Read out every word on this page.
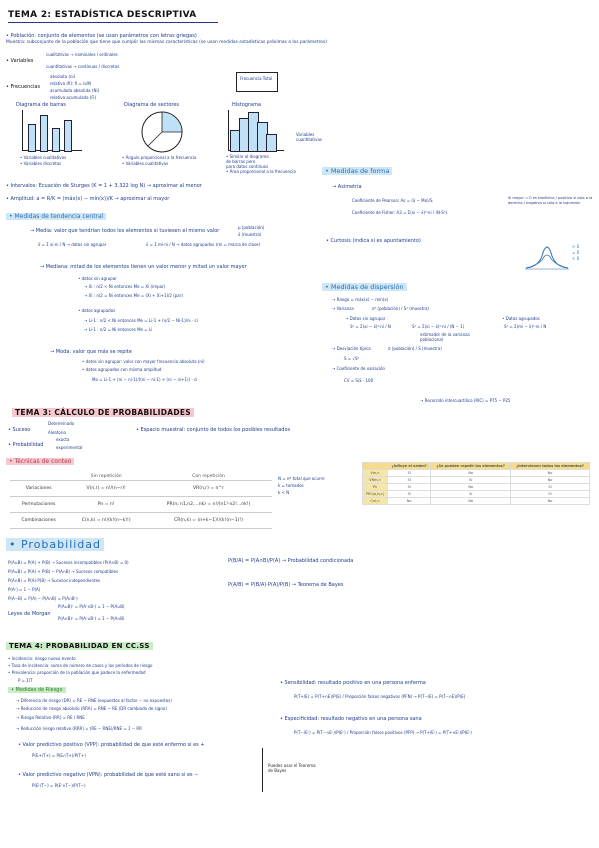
TEMA 2: ESTADÍSTICA DESCRIPTIVA
• Población: conjunto de elementos (se usan parámetros con letras griegas)
Muestra: subconjunto de la población que tiene que cumplir las mismas características (se usan medidas estadísticas próximas a los parámetros)
• Variables
cualitativas → nominales / ordinales
cuantitativas → continuas / discretas
• Frecuencias
absoluta (ni)
relativa (fi): fi = ni/N
acumulada absoluta (Ni)
relativa acumulada (Fi)
Frecuencia Total
Diagrama de barras	Diagrama de sectores	Histograma
• Variables cualitativas
• Variables discretas
• Ángulo proporcional a la frecuencia
• Variables cualitativas
• Similar al diagrama
de barras pero
para datos continuos
• Área proporcional a la frecuencia
Variables cuantitativas
• Intervalos: Ecuación de Sturges (K = 1 + 3.322 log N) → aproximar al menor
• Amplitud: a = R/K = (máx(x) − mín(x))/K → aproximar al mayor
• Medidas de tendencia central
→ Media: valor que tendrían todos los elementos si tuviesen el mismo valor
μ (población)
x̄ (muestra)
x̄ = Σ xi·ni / N → datos sin agrupar	x̄ = Σ mi·ni / N → datos agrupados (mi = marca de clase)
→ Mediana: mitad de los elementos tienen un valor menor y mitad un valor mayor
• datos sin agrupar
→ Xi : n/2 < Ni entonces Me = Xi (impar)
→ Xi : n/2 = Ni entonces Me = (Xi + Xi+1)/2 (par)
• datos agrupados
→ Li-1 : n/2 < Ni entonces Me = Li-1 + (n/2 − Ni-1)/ni · ci
→ Li-1 : n/2 = Ni entonces Me = Li
→ Moda: valor que más se repite
• datos sin agrupar: valor con mayor frecuencia absoluta (ni)
• datos agrupados con misma amplitud
Mo = Li-1 + (ni − ni-1)/((ni − ni-1) + (ni − ni+1)) · ci
• Medidas de forma
→ Asimetría
Coeficiente de Pearson: As = (x̄ − Mo)/S
Coeficiente de Fisher: A3 = Σ(xi − x̄)³·ni / (N·S³)
Si mayor = 0 es simétrica / positiva si cola a la derecha / negativa si cola a la izquierda
• Curtosis (indica si es apuntamiento)
> 0
= 0
< 0
• Medidas de dispersión
→ Rango = máx(x) − mín(x)
→ Varianza	σ² (población) / S² (muestra)
• Datos sin agrupar
S² = Σ(xi − x̄)²·ni / N	S² = Σ(xi − x̄)²·ni / (N − 1)
estimador de la varianza poblacional
• Datos agrupados
S² = Σ(mi − x̄)²·ni / N
→ Desviación típica	σ (población) / S (muestra)
S = √S²
→ Coeficiente de variación
CV = S/x̄ · 100
→ Recorrido intercuartílico (RIC) = P75 − P25
TEMA 3: CÁLCULO DE PROBABILIDADES
• Suceso
Determinado
Aleatorio
• Probabilidad
exacta
experimental
• Espacio muestral: conjunto de todos los posibles resultados
• Técnicas de conteo
	Sin repetición	Con repetición
Variaciones	V(n,r) = n!/(n−r)!	VR(n,r) = n^r
Permutaciones	Pn = n!	PR(n; n1,n2,...nk) = n!/(n1!·n2!...nk!)
Combinaciones	C(n,k) = n!/(k!(n−k)!)	CR(n,k) = (n+k−1)!/(k!(n−1)!)
N = nº total que ocurre
k = tomados
k < N
	¿Influye el orden?	¿Se pueden repetir los elementos?	¿Intervienen todos los elementos?
Vm,n	Sí	No	No
VRm,n	Sí	Sí	No
Pn	Sí	No	Sí
PRn(a,b,c)	Sí	Sí	Sí
Cm,n	No	No	No
• Probabilidad
P(A∪B) = P(A) + P(B) → Sucesos incompatibles (P(A∩B) = 0)
P(A∪B) = P(A) + P(B) − P(A∩B) → Sucesos compatibles
P(A∩B) = P(A)·P(B) → Sucesos independientes
P(Aᶜ) = 1 − P(A)
P(A−B) = P(A) − P(A∩B) = P(A∩Bᶜ)
Leyes de Morgan
P(A∪B)ᶜ = P(Aᶜ∩Bᶜ) = 1 − P(A∪B)
P(A∩B)ᶜ = P(Aᶜ∪Bᶜ) = 1 − P(A∩B)
P(B/A) = P(A∩B)/P(A) → Probabilidad condicionada
P(A/B) = P(B/A)·P(A)/P(B) → Teorema de Bayes
TEMA 4: PROBABILIDAD EN CC.SS
• Incidencia: riesgo nuevo evento
• Tasa de incidencia: suma de número de casos y los periodos de riesgo
• Prevalencia: proporción de la población que padece la enfermedad
P = Σ/T
• Medidas de Riesgo
→ Diferencia de riesgo (DR) = RE − RNE (expuestos al factor − no expuestos)
→ Reducción de riesgo absoluto (RRA) = RNE − RE (DR cambiado de signo)
→ Riesgo Relativo (RR) = RE / RNE
→ Reducción riesgo relativo (RRR) = (RE − RNE)/RNE = 1 − RR
• Valor predictivo positivo (VPP): probabilidad de que esté enfermo si es +
P(E+/T+) = P(E∩T+)/P(T+)
• Valor predictivo negativo (VPN): probabilidad de que esté sano si es −
P(Eᶜ/T−) = P(Eᶜ∩T−)/P(T−)
Puedes usar el Teorema de Bayes
• Sensibilidad: resultado positivo en una persona enferma
P(T+/E) = P(T+∩E)/P(E) / Proporción falsos negativos (PFN) → P(T−/E) = P(T−∩E)/P(E)
• Especificidad: resultado negativo en una persona sana
P(T−/Eᶜ) = P(T−∩Eᶜ)/P(Eᶜ) / Proporción falsos positivos (PFP) → P(T+/Eᶜ) = P(T+∩Eᶜ)/P(Eᶜ)
